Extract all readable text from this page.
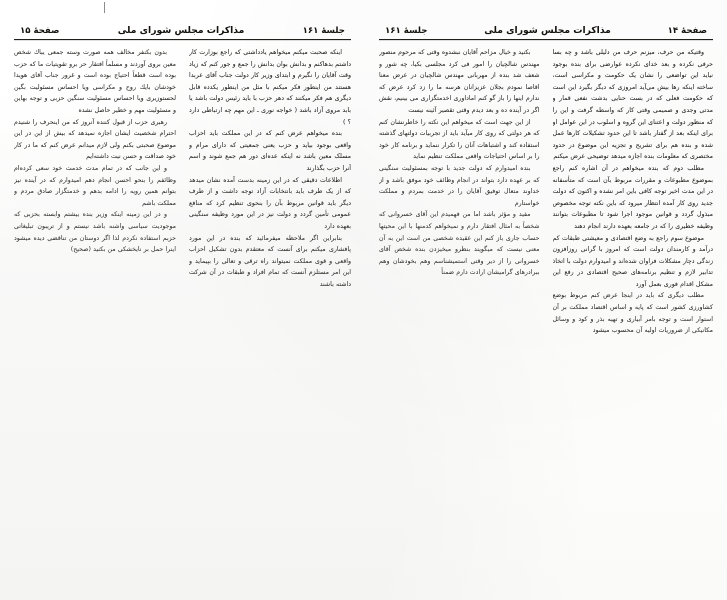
صفحهٔ ۱۴
مذاکرات مجلس شورای ملی
جلسهٔ ۱۶۱

وقتیکه من حرف، میزنم حرف من دلیلی باشد و چه بسا حرفی نکرده و بعد خدای نکرده عوارضی برای بنده بوجود نیاید این تواضعی را نشان یک حکومت و مکراسی است، ساخته اینکه رها بیش می‌آید امروزی که دیگر بگیرد این است که حکومت فعلی که در بست حنایی بدشت نفعی قمار و مدتی وجدی و صمیمی وقتی کار که واسطه گرفت و این را که منظور دولت و اعتنای این گروه و اسلوب در این عوامل او برای اینکه بعد از گفتار باشد تا این حدود تشکیلات کارها عمل شده و بنده هم برای تشریح و تجزیه این موضوع در حدود مختصری که معلومات بنده اجازه میدهد توضیحی عرض میکنم

مطلب دوم که بنده میخواهم در آن اشاره کنم راجع بموضوع مطبوعات و مقررات مربوط بآن است که متأسفانه در این مدت اخیر توجه کافی باین امر نشده و اکنون که دولت جدید روی کار آمده انتظار میرود که باین نکته توجه مخصوص مبذول گردد و قوانین موجود اجرا شود تا مطبوعات بتوانند وظیفه خطیری را که در جامعه بعهده دارند انجام دهند

موضوع سوم راجع به وضع اقتصادی و معیشتی طبقات کم درآمد و کارمندان دولت است که امروز با گرانی روزافزون زندگی دچار مشکلات فراوان شده‌اند و امیدوارم دولت با اتخاذ تدابیر لازم و تنظیم برنامه‌های صحیح اقتصادی در رفع این مشکل اقدام فوری بعمل آورد

مطلب دیگری که باید در اینجا عرض کنم مربوط بوضع کشاورزی کشور است که پایه و اساس اقتصاد مملکت بر آن استوار است و توجه بامر آبیاری و تهیه بذر و کود و وسائل مکانیکی از ضروریات اولیه آن محسوب میشود

بکنید و خیال مزاحم آقایان نبشدوه وقتی که مرحوم منصور مهندس شالچیان را امور فی کرد مجلسی بکیا، چه شور و شعف شد بنده از مهربانی مهندس شالچیان در عرض معنا اقاصا نمودم بجلان عزیزانان هرسه ما را زد کرد عرض که ندارم اینها را باز گو کنم اماداوری اخدمتگزاری می بینیم، نقش اگر در آینده ده و بعد دیدم وقتی تقصیر آئینه نیست

از این جهت است که میخواهم این نکته را خاطرنشان کنم که هر دولتی که روی کار میآید باید از تجربیات دولتهای گذشته استفاده کند و اشتباهات آنان را تکرار ننماید و برنامه کار خود را بر اساس احتیاجات واقعی مملکت تنظیم نماید

بنده امیدوارم که دولت جدید با توجه بمسئولیت سنگینی که بر عهده دارد بتواند در انجام وظائف خود موفق باشد و از خداوند متعال توفیق آقایان را در خدمت بمردم و مملکت خواستارم

مفید و مؤثر باشد اما من فهمیدم این آقای خسروانی که شخصاً به امثال افتقار دارم و نمیخواهم کدمنها با این محیتها حساب جاری باز کنم این عقیده شخصی من است این به آن معنی نیست که میگویند بنظرو میخیزدن بنده شخص آقای خسروانی را از دیر وقتی استمیشناسم وهم بخودشان وهم ببرادرهای گرامیشان ارادت دارم ضمناً

جلسهٔ ۱۶۱
مذاکرات مجلس شورای ملی
صفحهٔ ۱۵

اینکه صحبت میکنم میخواهم یادداشتی که راجع بوزارت کار داشتم بدهاکنم و بدانش بوان بدانش را جمع و جور کنم که زیاد وقت آقایان را نگیرم و ابتدای وزیر کار دولت جناب آقای عربدا هستند من اینطور فکر میکنم با مثل من اینطور یکدده قابل دیگری هم فکر میکنند که دهر حزب با باید رئیس دولت باشد یا بابد مروی آزاد باشد ( خواجه نوری ـ این مهم چه ارتباطی دارد ؟ )

بنده میخواهم عرض کنم که در این مملکت باید احزاب واقعی بوجود بیاید و حزب یعنی جمعیتی که دارای مرام و مسلک معین باشد نه اینکه عده‌ای دور هم جمع شوند و اسم آنرا حزب بگذارند

اطلاعات دقیقی که در این زمینه بدست آمده نشان میدهد که از یک طرف باید بانتخابات آزاد توجه داشت و از طرف دیگر باید قوانین مربوط بآن را بنحوی تنظیم کرد که منافع عمومی تأمین گردد و دولت نیز در این مورد وظیفه سنگینی بعهده دارد

بنابراین اگر ملاحظه میفرمائید که بنده در این مورد پافشاری میکنم برای آنست که معتقدم بدون تشکیل احزاب واقعی و قوی مملکت نمیتواند راه ترقی و تعالی را بپیماید و این امر مستلزم آنست که تمام افراد و طبقات در آن شرکت داشته باشند

بدون بکنفر مخالف همه صورت وسته جمعی یباك شخص معین بروی آوردند و مسلماً افتقار حر برو تقویتیات ما که حزب بوده است قطعاً احتیاج بوده است و غرور جناب آقای هویدا خودشان بایك روح و مکراسی ویا احساس مسئولیت بگین لحستوزیری ویا احساس مسئولیت سنگین حزبی و توجه بهاین و مسئولیت مهم و خطیر حاصل نشده

رهبری حزب از قبول کننده آنروز که من اینحرف را شنیدم احترام شخصیت ایشان اجازه نمیدهد که بیش از این در این موضوع صحبتی بکنم ولی لازم میدانم عرض کنم که ما در کار خود صداقت و حسن نیت داشته‌ایم

و این جانب که در تمام مدت خدمت خود سعی کرده‌ام وظائفم را بنحو احسن انجام دهم امیدوارم که در آینده نیز بتوانم همین رویه را ادامه بدهم و خدمتگزار صادق مردم و مملکت باشم

و در این زمینه اینکه وزیر بنده بیشتم وابسته بحزبی که موجودیت سیاسی واشنه باشد نیستم و از تریبون تبلیغاتی حزبم استفاده نکردم لذا اگر دوستان من تناقضی دیده میشود اینرا حمل بر نایخشکی من بکنید (صحیح)
